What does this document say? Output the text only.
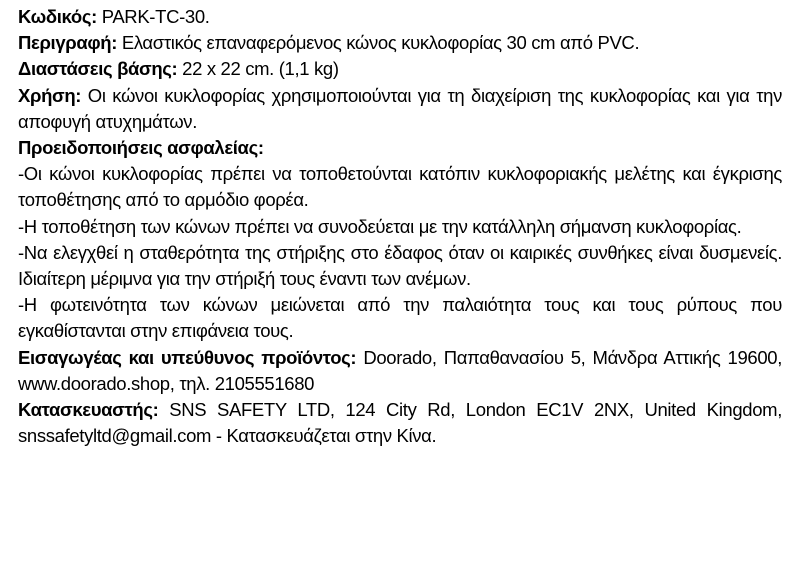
Κωδικός: PARK-TC-30.

Περιγραφή: Ελαστικός επαναφερόμενος κώνος κυκλοφορίας 30 cm από PVC.

Διαστάσεις βάσης: 22 x 22 cm. (1,1 kg)

Χρήση: Οι κώνοι κυκλοφορίας χρησιμοποιούνται για τη διαχείριση της κυκλοφορίας και για την αποφυγή ατυχημάτων.

Προειδοποιήσεις ασφαλείας:

-Οι κώνοι κυκλοφορίας πρέπει να τοποθετούνται κατόπιν κυκλοφοριακής μελέτης και έγκρισης τοποθέτησης από το αρμόδιο φορέα.

-Η τοποθέτηση των κώνων πρέπει να συνοδεύεται με την κατάλληλη σήμανση κυκλοφορίας.

-Να ελεγχθεί η σταθερότητα της στήριξης στο έδαφος όταν οι καιρικές συνθήκες είναι δυσμενείς. Ιδιαίτερη μέριμνα για την στήριξή τους έναντι των ανέμων.

-Η φωτεινότητα των κώνων μειώνεται από την παλαιότητα τους και τους ρύπους που εγκαθίστανται στην επιφάνεια τους.

Εισαγωγέας και υπεύθυνος προϊόντος: Doorado, Παπαθανασίου 5, Μάνδρα Αττικής 19600, www.doorado.shop, τηλ. 2105551680

Κατασκευαστής: SNS SAFETY LTD, 124 City Rd, London EC1V 2NX, United Kingdom, snssafetyltd@gmail.com - Κατασκευάζεται στην Κίνα.
